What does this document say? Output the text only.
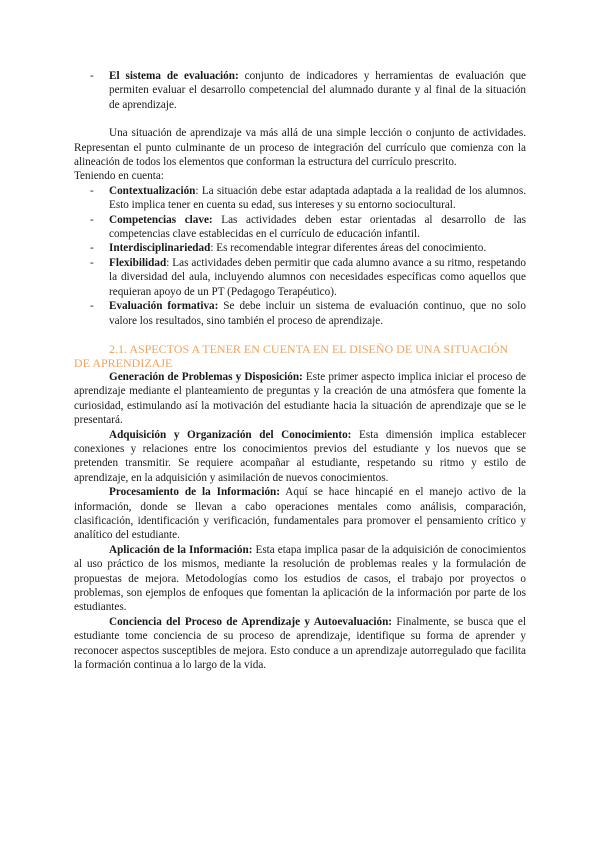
- El sistema de evaluación: conjunto de indicadores y herramientas de evaluación que permiten evaluar el desarrollo competencial del alumnado durante y al final de la situación de aprendizaje.

Una situación de aprendizaje va más allá de una simple lección o conjunto de actividades. Representan el punto culminante de un proceso de integración del currículo que comienza con la alineación de todos los elementos que conforman la estructura del currículo prescrito.

Teniendo en cuenta:

- Contextualización: La situación debe estar adaptada adaptada a la realidad de los alumnos. Esto implica tener en cuenta su edad, sus intereses y su entorno sociocultural.
- Competencias clave: Las actividades deben estar orientadas al desarrollo de las competencias clave establecidas en el currículo de educación infantil.
- Interdisciplinariedad: Es recomendable integrar diferentes áreas del conocimiento.
- Flexibilidad: Las actividades deben permitir que cada alumno avance a su ritmo, respetando la diversidad del aula, incluyendo alumnos con necesidades específicas como aquellos que requieran apoyo de un PT (Pedagogo Terapéutico).
- Evaluación formativa: Se debe incluir un sistema de evaluación continuo, que no solo valore los resultados, sino también el proceso de aprendizaje.

2.1. ASPECTOS A TENER EN CUENTA EN EL DISEÑO DE UNA SITUACIÓN DE APRENDIZAJE

Generación de Problemas y Disposición: Este primer aspecto implica iniciar el proceso de aprendizaje mediante el planteamiento de preguntas y la creación de una atmósfera que fomente la curiosidad, estimulando así la motivación del estudiante hacia la situación de aprendizaje que se le presentará.

Adquisición y Organización del Conocimiento: Esta dimensión implica establecer conexiones y relaciones entre los conocimientos previos del estudiante y los nuevos que se pretenden transmitir. Se requiere acompañar al estudiante, respetando su ritmo y estilo de aprendizaje, en la adquisición y asimilación de nuevos conocimientos.

Procesamiento de la Información: Aquí se hace hincapié en el manejo activo de la información, donde se llevan a cabo operaciones mentales como análisis, comparación, clasificación, identificación y verificación, fundamentales para promover el pensamiento crítico y analítico del estudiante.

Aplicación de la Información: Esta etapa implica pasar de la adquisición de conocimientos al uso práctico de los mismos, mediante la resolución de problemas reales y la formulación de propuestas de mejora. Metodologías como los estudios de casos, el trabajo por proyectos o problemas, son ejemplos de enfoques que fomentan la aplicación de la información por parte de los estudiantes.

Conciencia del Proceso de Aprendizaje y Autoevaluación: Finalmente, se busca que el estudiante tome conciencia de su proceso de aprendizaje, identifique su forma de aprender y reconocer aspectos susceptibles de mejora. Esto conduce a un aprendizaje autorregulado que facilita la formación continua a lo largo de la vida.
